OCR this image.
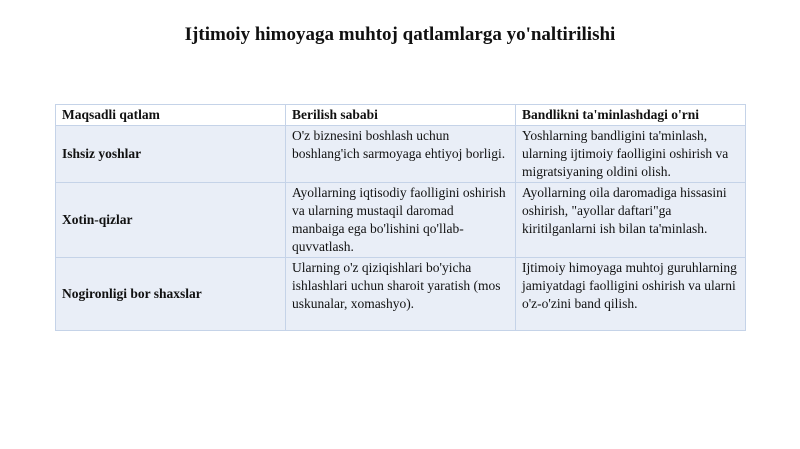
Ijtimoiy himoyaga muhtoj qatlamlarga yo'naltirilishi
Maqsadli qatlam	Berilish sababi	Bandlikni ta'minlashdagi o'rni
Ishsiz yoshlar	O'z biznesini boshlash uchun boshlang'ich sarmoyaga ehtiyoj borligi.	Yoshlarning bandligini ta'minlash, ularning ijtimoiy faolligini oshirish va migratsiyaning oldini olish.
Xotin-qizlar	Ayollarning iqtisodiy faolligini oshirish va ularning mustaqil daromad manbaiga ega bo'lishini qo'llab-quvvatlash.	Ayollarning oila daromadiga hissasini oshirish, "ayollar daftari"ga kiritilganlarni ish bilan ta'minlash.
Nogironligi bor shaxslar	Ularning o'z qiziqishlari bo'yicha ishlashlari uchun sharoit yaratish (mos uskunalar, xomashyo).	Ijtimoiy himoyaga muhtoj guruhlarning jamiyatdagi faolligini oshirish va ularni o'z-o'zini band qilish.
